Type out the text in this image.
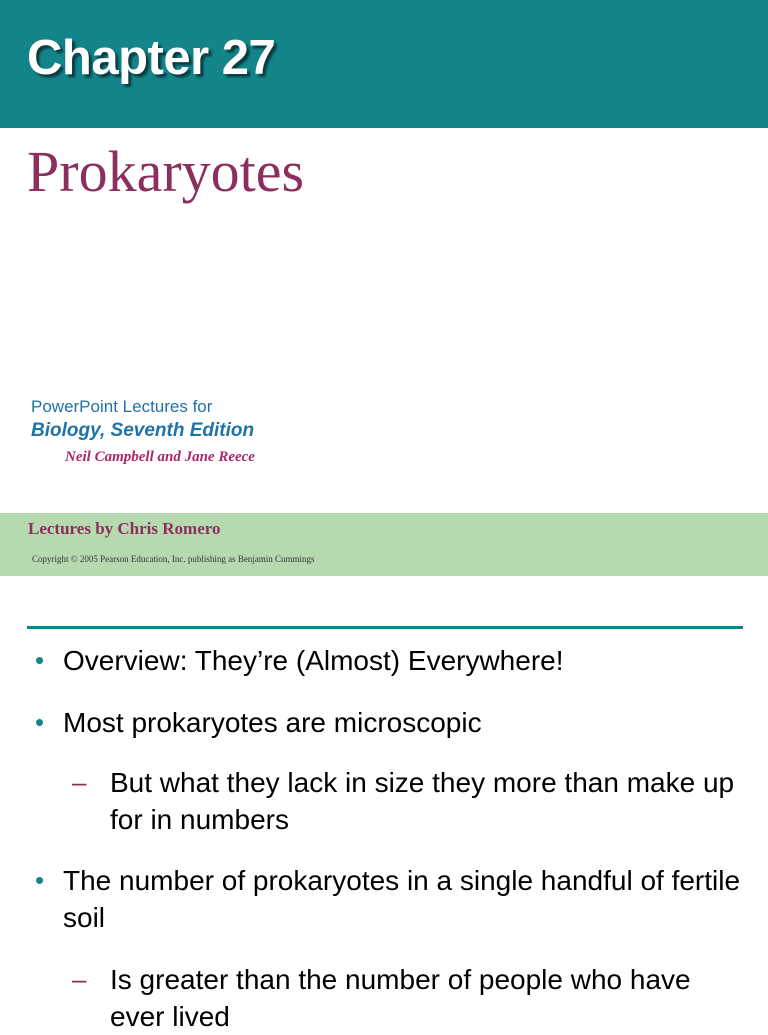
Chapter 27
Prokaryotes
PowerPoint Lectures for
Biology, Seventh Edition
Neil Campbell and Jane Reece
Lectures by Chris Romero
Copyright © 2005 Pearson Education, Inc. publishing as Benjamin Cummings
• Overview: They’re (Almost) Everywhere!
• Most prokaryotes are microscopic
– But what they lack in size they more than make up for in numbers
• The number of prokaryotes in a single handful of fertile soil
– Is greater than the number of people who have ever lived
